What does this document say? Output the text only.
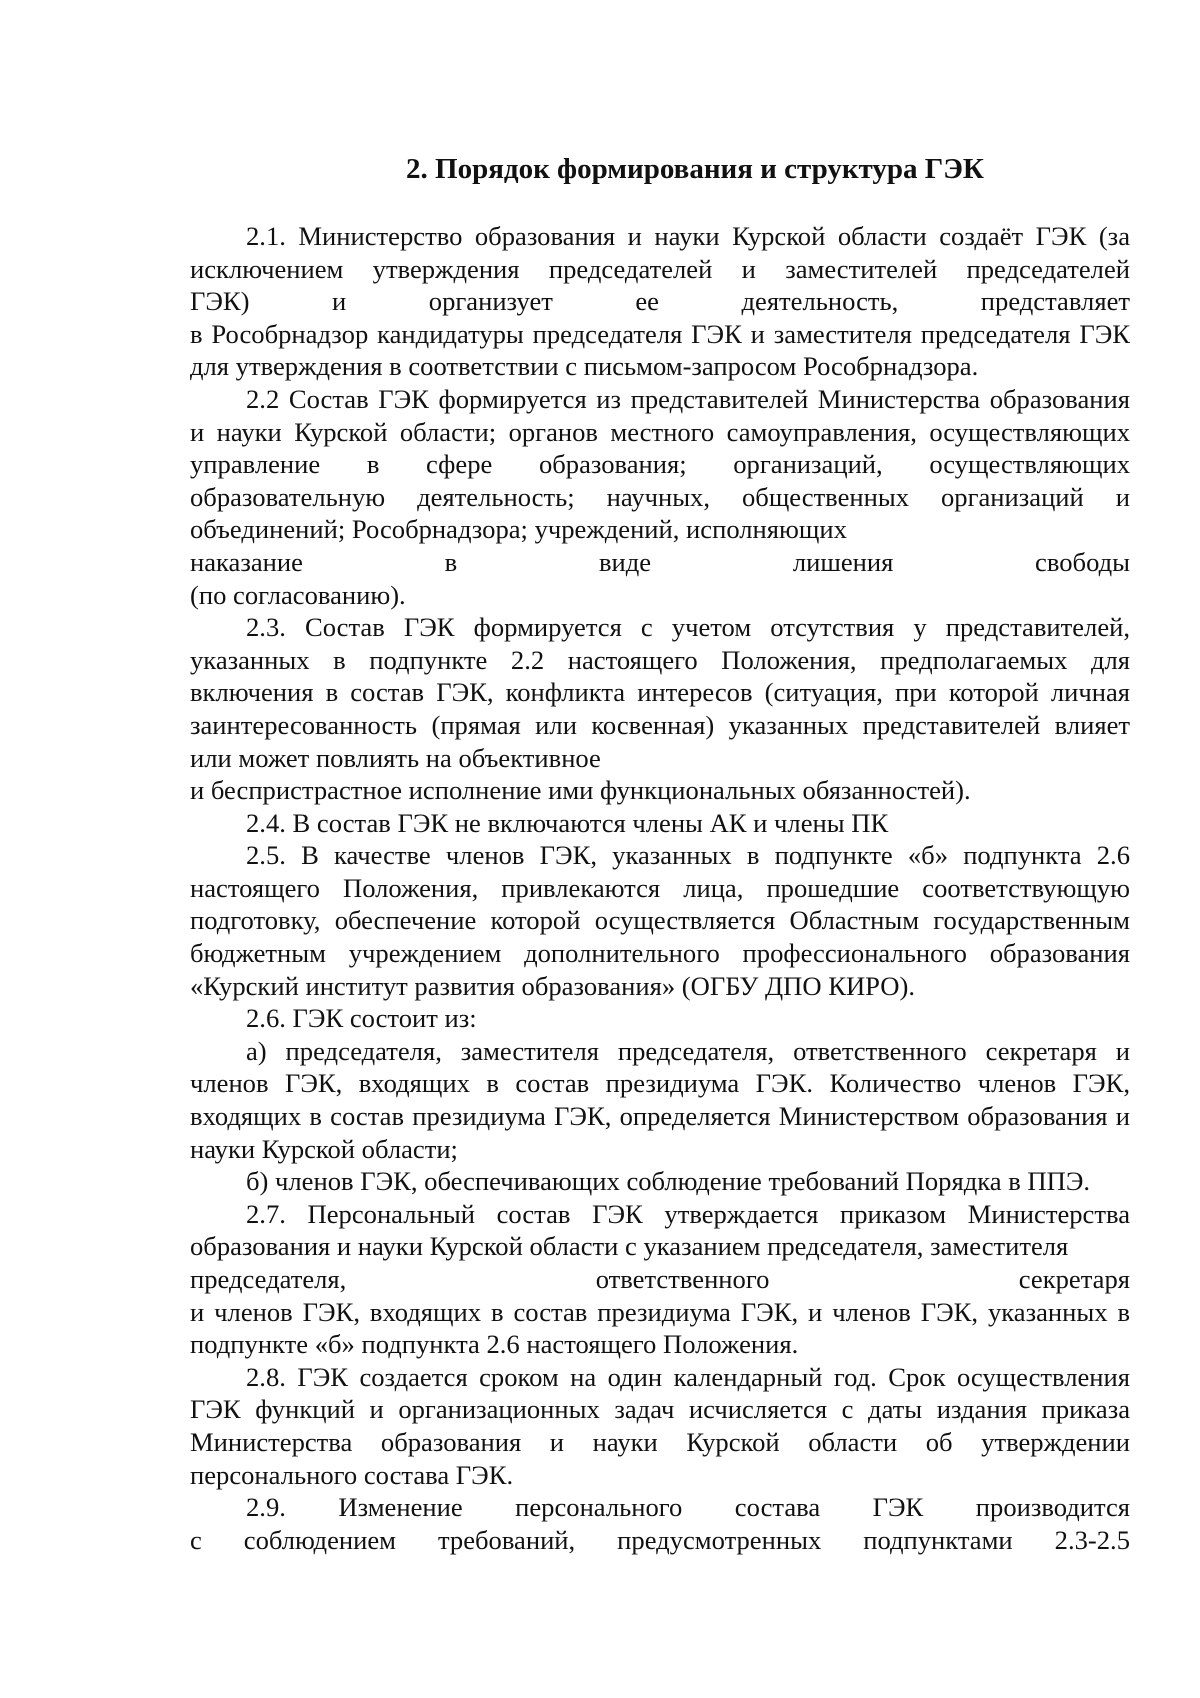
2. Порядок формирования и структура ГЭК

2.1. Министерство образования и науки Курской области создаёт ГЭК (за
исключением утверждения председателей и заместителей председателей
ГЭК) и организует ее деятельность, представляет
в Рособрнадзор кандидатуры председателя ГЭК и заместителя председателя ГЭК для утверждения в соответствии с письмом-запросом Рособрнадзора.

2.2 Состав ГЭК формируется из представителей Министерства образования и науки Курской области; органов местного самоуправления, осуществляющих управление в сфере образования; организаций, осуществляющих образовательную деятельность; научных, общественных организаций и объединений; Рособрнадзора; учреждений, исполняющих

наказание в виде лишения свободы
(по согласованию).

2.3. Состав ГЭК формируется с учетом отсутствия у представителей, указанных в подпункте 2.2 настоящего Положения, предполагаемых для включения в состав ГЭК, конфликта интересов (ситуация, при которой личная заинтересованность (прямая или косвенная) указанных представителей влияет или может повлиять на объективное

и беспристрастное исполнение ими функциональных обязанностей).

2.4. В состав ГЭК не включаются члены АК и члены ПК

2.5. В качестве членов ГЭК, указанных в подпункте «б» подпункта 2.6 настоящего Положения, привлекаются лица, прошедшие соответствующую подготовку, обеспечение которой осуществляется Областным государственным бюджетным учреждением дополнительного профессионального образования «Курский институт развития образования» (ОГБУ ДПО КИРО).

2.6. ГЭК состоит из:

а) председателя, заместителя председателя, ответственного секретаря и членов ГЭК, входящих в состав президиума ГЭК. Количество членов ГЭК, входящих в состав президиума ГЭК, определяется Министерством образования и науки Курской области;

б) членов ГЭК, обеспечивающих соблюдение требований Порядка в ППЭ.

2.7. Персональный состав ГЭК утверждается приказом Министерства образования и науки Курской области с указанием председателя, заместителя

председателя, ответственного секретаря
и членов ГЭК, входящих в состав президиума ГЭК, и членов ГЭК, указанных в подпункте «б» подпункта 2.6 настоящего Положения.

2.8. ГЭК создается сроком на один календарный год. Срок осуществления ГЭК функций и организационных задач исчисляется с даты издания приказа Министерства образования и науки Курской области об утверждении персонального состава ГЭК.

2.9. Изменение персонального состава ГЭК производится
с соблюдением требований, предусмотренных подпунктами 2.3-2.5
